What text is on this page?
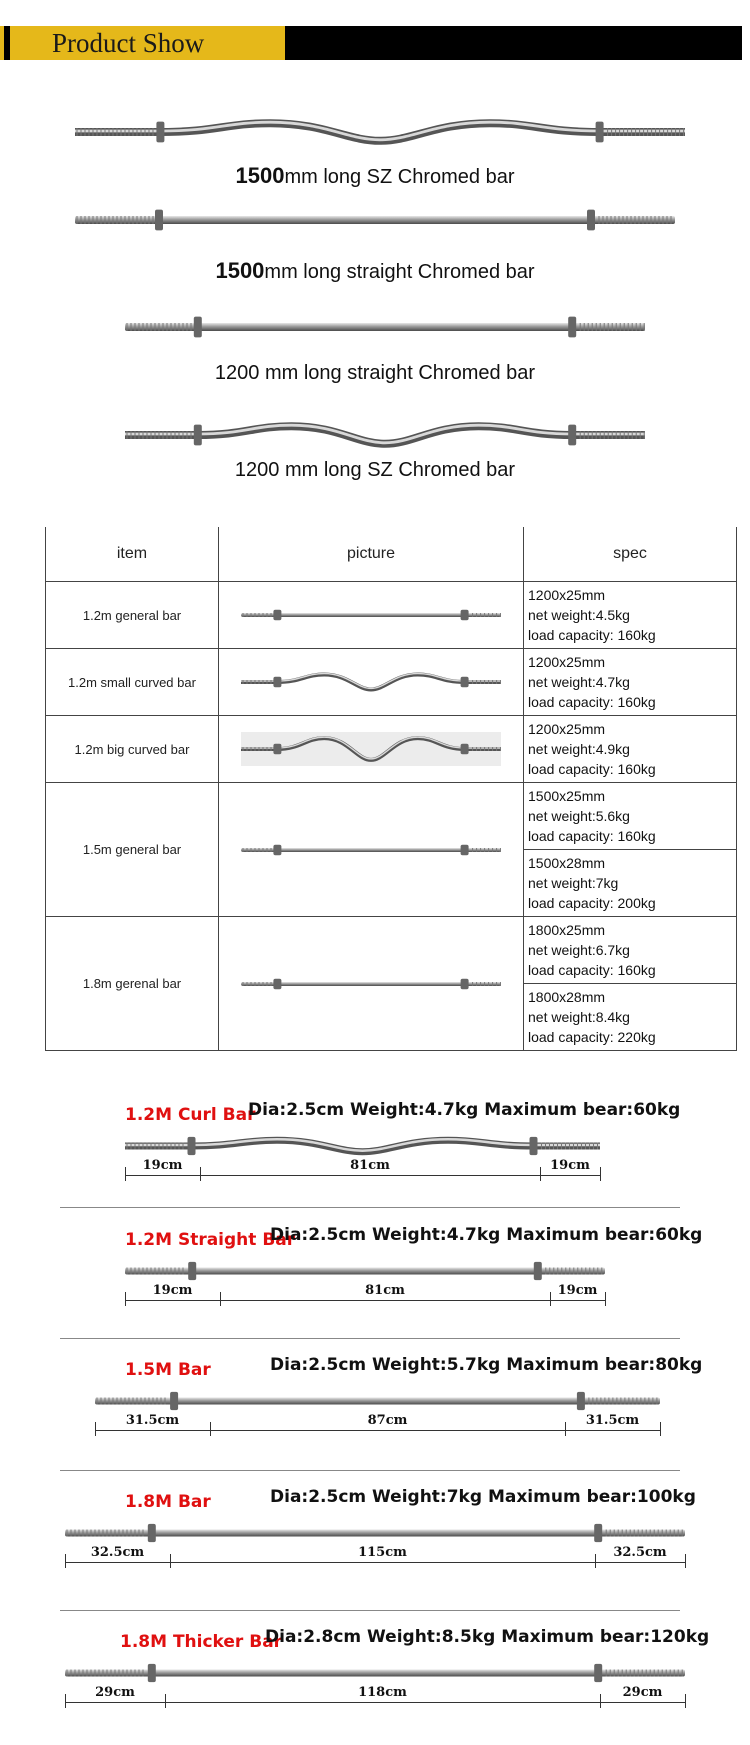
Product Show
1500mm long SZ Chromed bar
1500mm long straight Chromed bar
1200 mm long straight Chromed bar
1200 mm long SZ Chromed bar
item	picture	spec
1.2m general bar		1200x25mm
net weight:4.5kg
load capacity: 160kg

1.2m small curved bar		1200x25mm
net weight:4.7kg
load capacity: 160kg

1.2m big curved bar		1200x25mm
net weight:4.9kg
load capacity: 160kg

1.5m general bar		1500x25mm
net weight:5.6kg
load capacity: 160kg

		1500x28mm
net weight:7kg
load capacity: 200kg

1.8m gerenal bar		1800x25mm
net weight:6.7kg
load capacity: 160kg

		1800x28mm
net weight:8.4kg
load capacity: 220kg
1.2M Curl Bar
Dia:2.5cm Weight:4.7kg Maximum bear:60kg
19cm	81cm	19cm
1.2M Straight Bar
Dia:2.5cm Weight:4.7kg Maximum bear:60kg
19cm	81cm	19cm
1.5M Bar	Dia:2.5cm Weight:5.7kg Maximum bear:80kg
31.5cm	87cm	31.5cm
1.8M Bar	Dia:2.5cm Weight:7kg Maximum bear:100kg
32.5cm	115cm	32.5cm
1.8M Thicker Bar
Dia:2.8cm Weight:8.5kg Maximum bear:120kg
29cm	118cm	29cm
